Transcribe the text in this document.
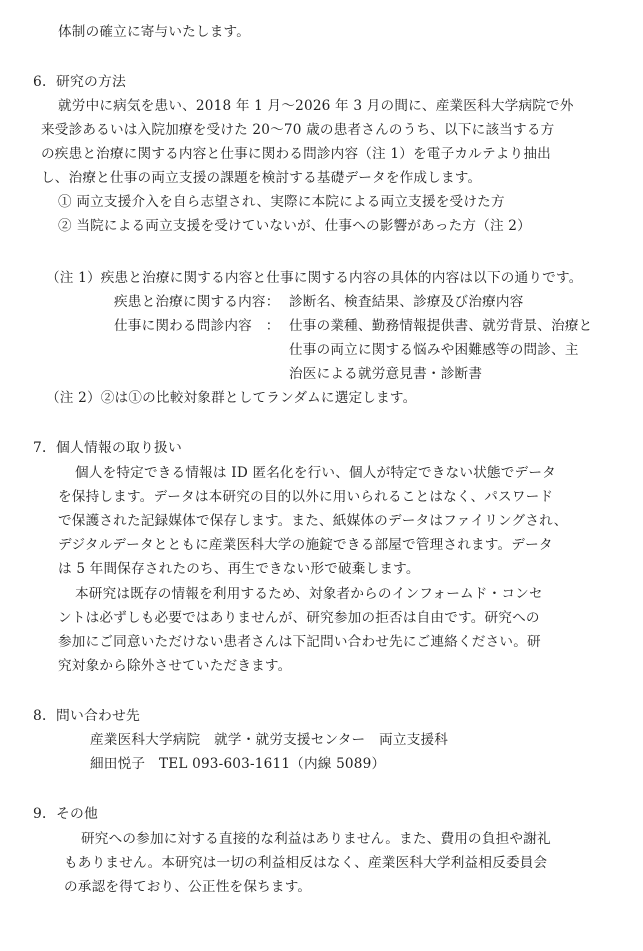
体制の確立に寄与いたします。
6．研究の方法
就労中に病気を患い、2018 年 1 月～2026 年 3 月の間に、産業医科大学病院で外
来受診あるいは入院加療を受けた 20～70 歳の患者さんのうち、以下に該当する方
の疾患と治療に関する内容と仕事に関わる問診内容（注 1）を電子カルテより抽出
し、治療と仕事の両立支援の課題を検討する基礎データを作成します。
① 両立支援介入を自ら志望され、実際に本院による両立支援を受けた方
② 当院による両立支援を受けていないが、仕事への影響があった方（注 2）
（注 1）疾患と治療に関する内容と仕事に関する内容の具体的内容は以下の通りです。
疾患と治療に関する内容： 診断名、検査結果、診療及び治療内容
仕事に関わる問診内容　： 仕事の業種、勤務情報提供書、就労背景、治療と
仕事の両立に関する悩みや困難感等の問診、主
治医による就労意見書・診断書
（注 2）②は①の比較対象群としてランダムに選定します。
7．個人情報の取り扱い
個人を特定できる情報は ID 匿名化を行い、個人が特定できない状態でデータ
を保持します。データは本研究の目的以外に用いられることはなく、パスワード
で保護された記録媒体で保存します。また、紙媒体のデータはファイリングされ、
デジタルデータとともに産業医科大学の施錠できる部屋で管理されます。データ
は 5 年間保存されたのち、再生できない形で破棄します。
本研究は既存の情報を利用するため、対象者からのインフォームド・コンセ
ントは必ずしも必要ではありませんが、研究参加の拒否は自由です。研究への
参加にご同意いただけない患者さんは下記問い合わせ先にご連絡ください。研
究対象から除外させていただきます。
8．問い合わせ先
産業医科大学病院　就学・就労支援センター　両立支援科
細田悦子　TEL 093-603-1611（内線 5089）
9．その他
研究への参加に対する直接的な利益はありません。また、費用の負担や謝礼
もありません。本研究は一切の利益相反はなく、産業医科大学利益相反委員会
の承認を得ており、公正性を保ちます。
